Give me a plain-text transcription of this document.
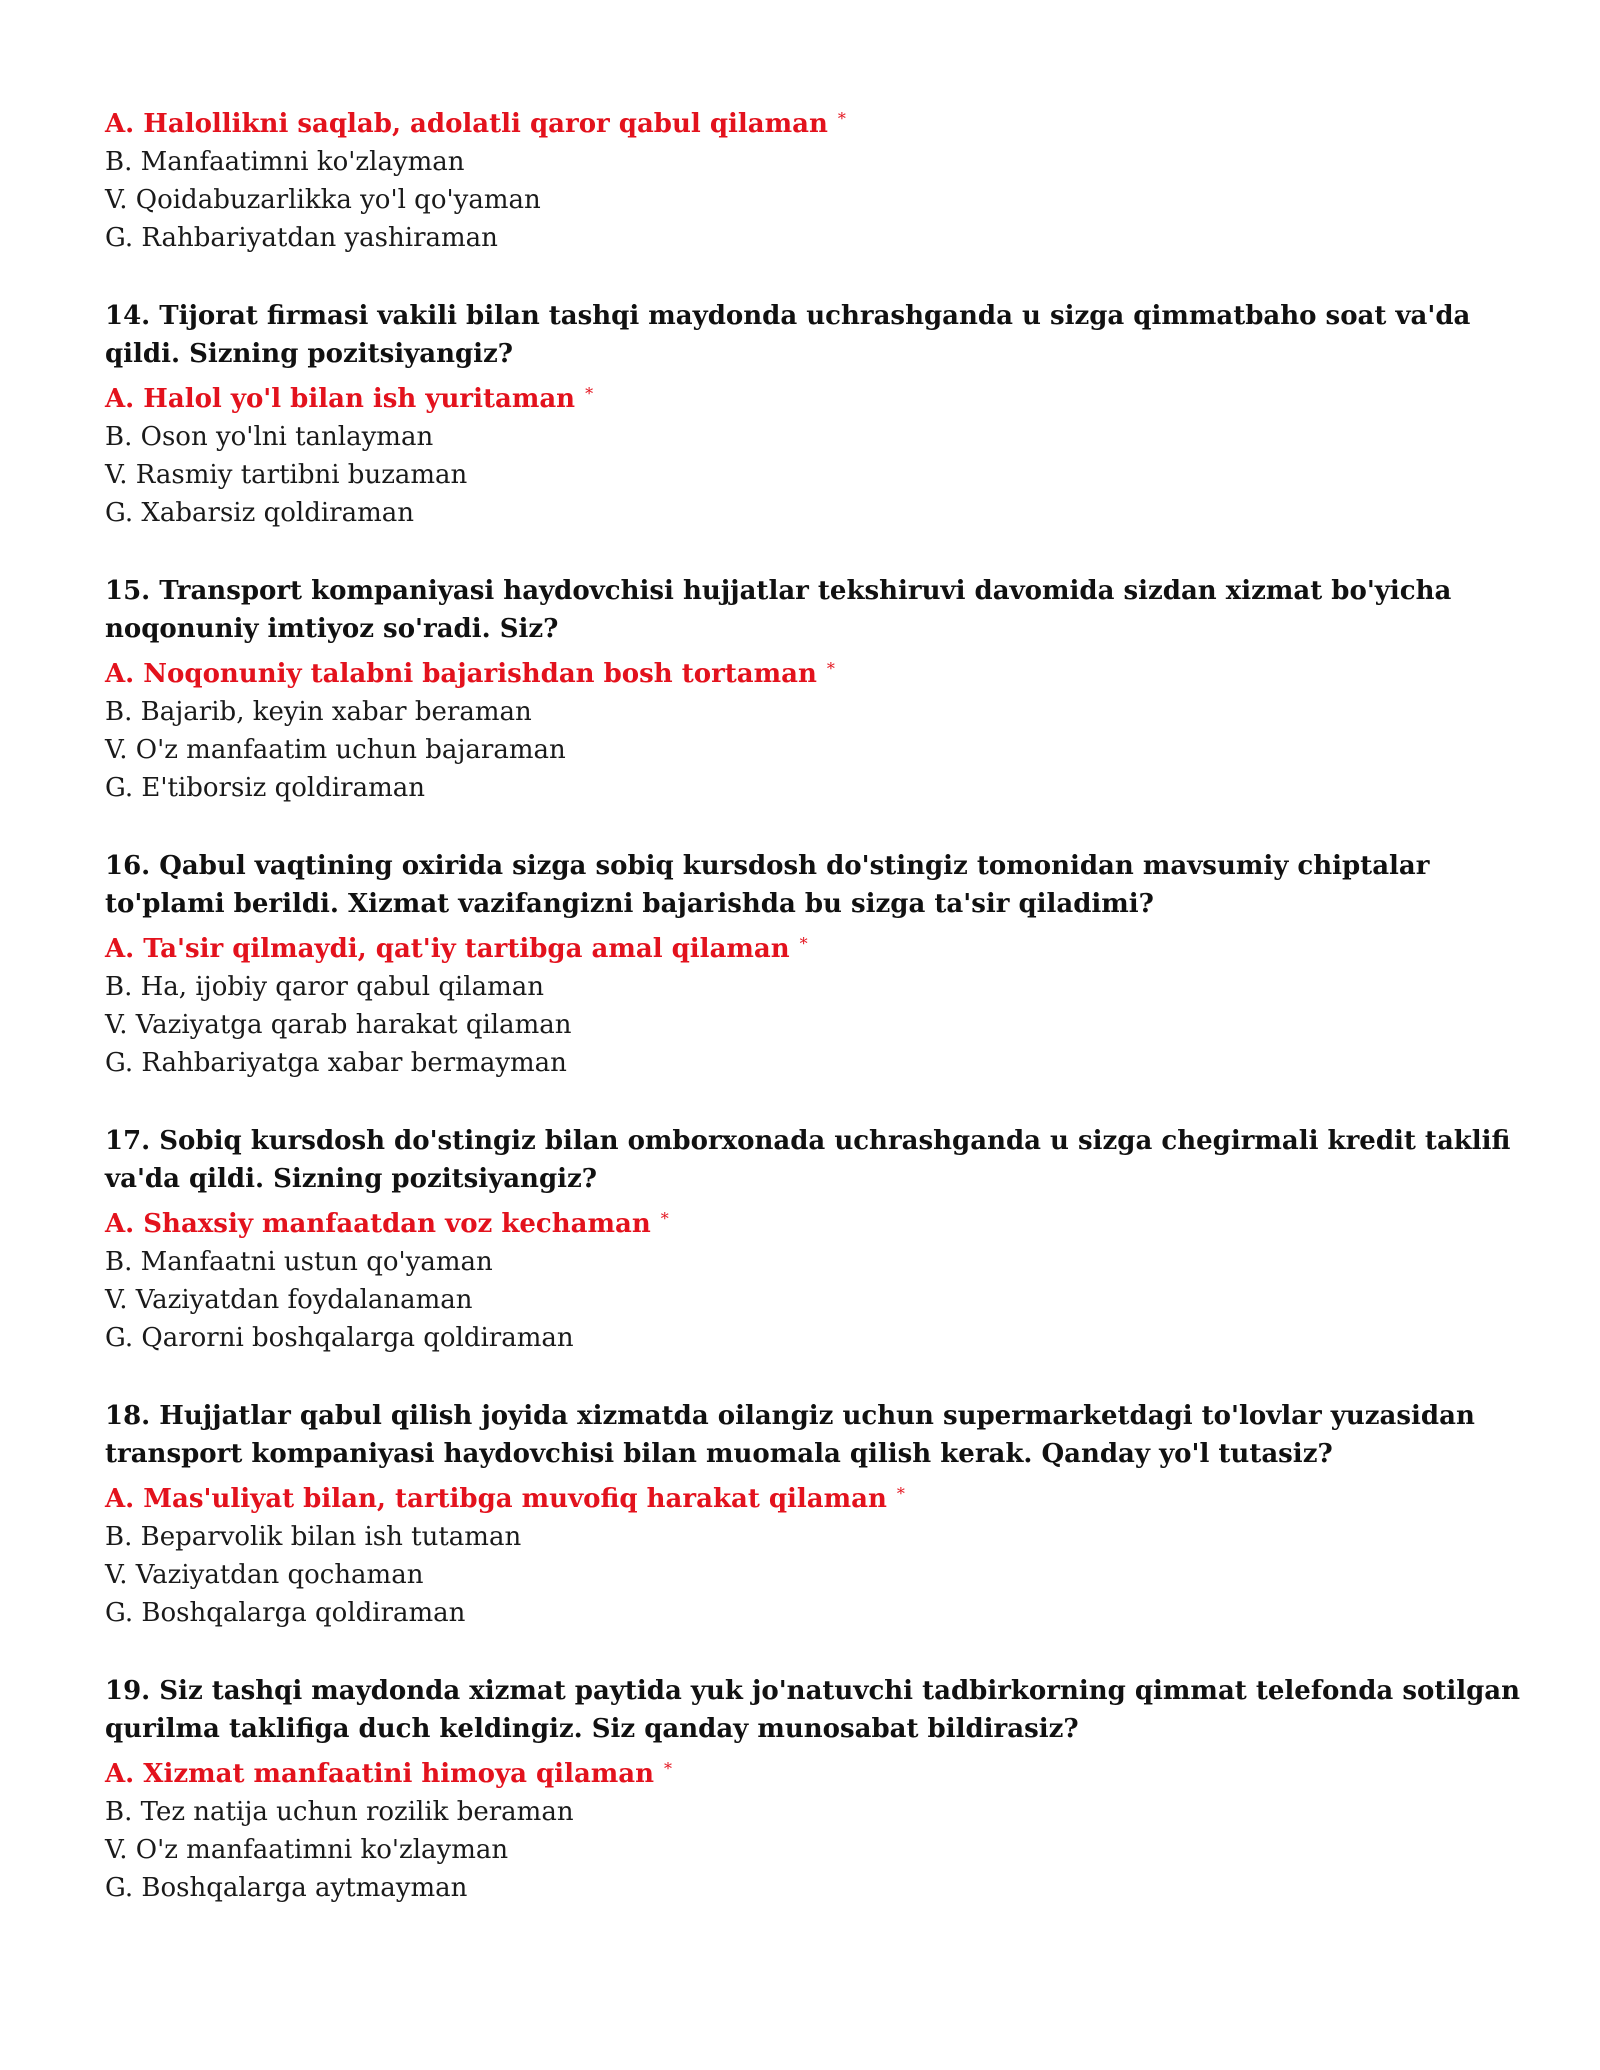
A. Halollikni saqlab, adolatli qaror qabul qilaman *

B. Manfaatimni ko'zlayman

V. Qoidabuzarlikka yo'l qo'yaman

G. Rahbariyatdan yashiraman

14. Tijorat firmasi vakili bilan tashqi maydonda uchrashganda u sizga qimmatbaho soat va'da qildi. Sizning pozitsiyangiz?

A. Halol yo'l bilan ish yuritaman *

B. Oson yo'lni tanlayman

V. Rasmiy tartibni buzaman

G. Xabarsiz qoldiraman

15. Transport kompaniyasi haydovchisi hujjatlar tekshiruvi davomida sizdan xizmat bo'yicha noqonuniy imtiyoz so'radi. Siz?

A. Noqonuniy talabni bajarishdan bosh tortaman *

B. Bajarib, keyin xabar beraman

V. O'z manfaatim uchun bajaraman

G. E'tiborsiz qoldiraman

16. Qabul vaqtining oxirida sizga sobiq kursdosh do'stingiz tomonidan mavsumiy chiptalar to'plami berildi. Xizmat vazifangizni bajarishda bu sizga ta'sir qiladimi?

A. Ta'sir qilmaydi, qat'iy tartibga amal qilaman *

B. Ha, ijobiy qaror qabul qilaman

V. Vaziyatga qarab harakat qilaman

G. Rahbariyatga xabar bermayman

17. Sobiq kursdosh do'stingiz bilan omborxonada uchrashganda u sizga chegirmali kredit taklifi va'da qildi. Sizning pozitsiyangiz?

A. Shaxsiy manfaatdan voz kechaman *

B. Manfaatni ustun qo'yaman

V. Vaziyatdan foydalanaman

G. Qarorni boshqalarga qoldiraman

18. Hujjatlar qabul qilish joyida xizmatda oilangiz uchun supermarketdagi to'lovlar yuzasidan transport kompaniyasi haydovchisi bilan muomala qilish kerak. Qanday yo'l tutasiz?

A. Mas'uliyat bilan, tartibga muvofiq harakat qilaman *

B. Beparvolik bilan ish tutaman

V. Vaziyatdan qochaman

G. Boshqalarga qoldiraman

19. Siz tashqi maydonda xizmat paytida yuk jo'natuvchi tadbirkorning qimmat telefonda sotilgan qurilma taklifiga duch keldingiz. Siz qanday munosabat bildirasiz?

A. Xizmat manfaatini himoya qilaman *

B. Tez natija uchun rozilik beraman

V. O'z manfaatimni ko'zlayman

G. Boshqalarga aytmayman
